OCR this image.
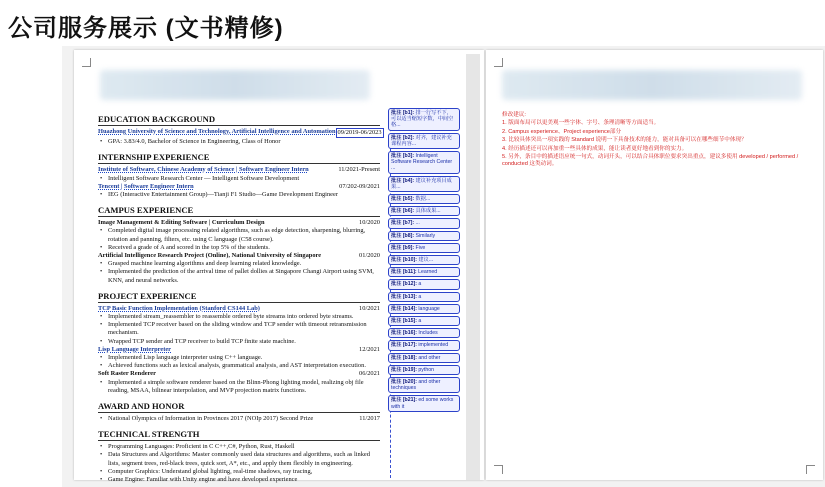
公司服务展示 (文书精修)
EDUCATION BACKGROUND
Huazhong University of Science and Technology, Artificial Intelligence and Automation 09/2019-06/2023
• GPA: 3.83/4.0, Bachelor of Science in Engineering, Class of Honor
INTERNSHIP EXPERIENCE
Institute of Software, Chinese Academy of Science | Software Engineer Intern	11/2021-Present
• Intelligent Software Research Center — Intelligent Software Development
Tencent | Software Engineer Intern	07/202-09/2021
• IEG (Interactive Entertainment Group)—Tianji F1 Studio—Game Development Engineer
CAMPUS EXPERIENCE
Image Management & Editing Software | Curriculum Design	10/2020
• Completed digital image processing related algorithms, such as edge detection, sharpening, blurring, rotation and panning, filters, etc. using C language (C58 course).
• Received a grade of A and scored in the top 5% of the students.
Artificial Intelligence Research Project (Online), National University of Singapore	01/2020
• Grasped machine learning algorithms and deep learning related knowledge.
• Implemented the prediction of the arrival time of pallet dollies at Singapore Changi Airport using SVM, KNN, and neural networks.
PROJECT EXPERIENCE
TCP Basic Function Implementation (Stanford CS144 Lab)	10/2021
• Implemented stream_reassembler to reassemble ordered byte streams into ordered byte streams.
• Implemented TCP receiver based on the sliding window and TCP sender with timeout retransmission mechanism.
• Wrapped TCP sender and TCP receiver to build TCP finite state machine.
Lisp Language Interpreter	12/2021
• Implemented Lisp language interpreter using C++ language.
• Achieved functions such as lexical analysis, grammatical analysis, and AST interpretation execution.
Soft Raster Renderer	06/2021
• Implemented a simple software renderer based on the Blinn-Phong lighting model, realizing obj file reading, MSAA, bilinear interpolation, and MVP projection matrix functions.
AWARD AND HONOR
• National Olympics of Information in Provinces 2017 (NOIp 2017) Second Prize	11/2017
TECHNICAL STRENGTH
• Programming Languages: Proficient in C C++,C#, Python, Rust, Haskell
• Data Structures and Algorithms: Master commonly used data structures and algorithms, such as linked lists, segment trees, red-black trees, quick sort, A*, etc., and apply them flexibly in engineering.
• Computer Graphics: Understand global lighting, real-time shadows, ray tracing,
• Game Engine: Familiar with Unity engine and have developed experience
批注 [b1]: 排一行写不下，可以适当缩短字数，中间空格...
批注 [b2]: 对齐，建议补充课程内容...
批注 [b3]: Intelligent Software Research Center ...
批注 [b4]: 建议补充项目成果...
批注 [b5]: 数据...
批注 [b6]: 具体成果...
批注 [b7]: ...
批注 [b8]: Similarly
批注 [b9]: Five
批注 [b10]: 建议...
批注 [b11]: Learned
批注 [b12]: a
批注 [b13]: a
批注 [b14]: language
批注 [b15]: a
批注 [b16]: Includes
批注 [b17]: implemented
批注 [b18]: and other
批注 [b19]: python
批注 [b20]: and other techniques
批注 [b21]: ed some works with it

修改建议:

1. 版面布局可以更美观一些字体、字号、条理清晰等方面适当。

2. Campus experience、Project experience部分

3. 比较具体突出一项实践的 Standard 说明一下具备技术的能力，能对具备可以在哪些细节中体现？

4. 经历描述还可以再加重一些具体的成果，能让读者更好地看到你的实力。

5. 另外，条目中的描述语应统一句式，动词开头，可以结合具体职位要求突出重点，建议多使用 developed / performed / conducted 这类动词。
